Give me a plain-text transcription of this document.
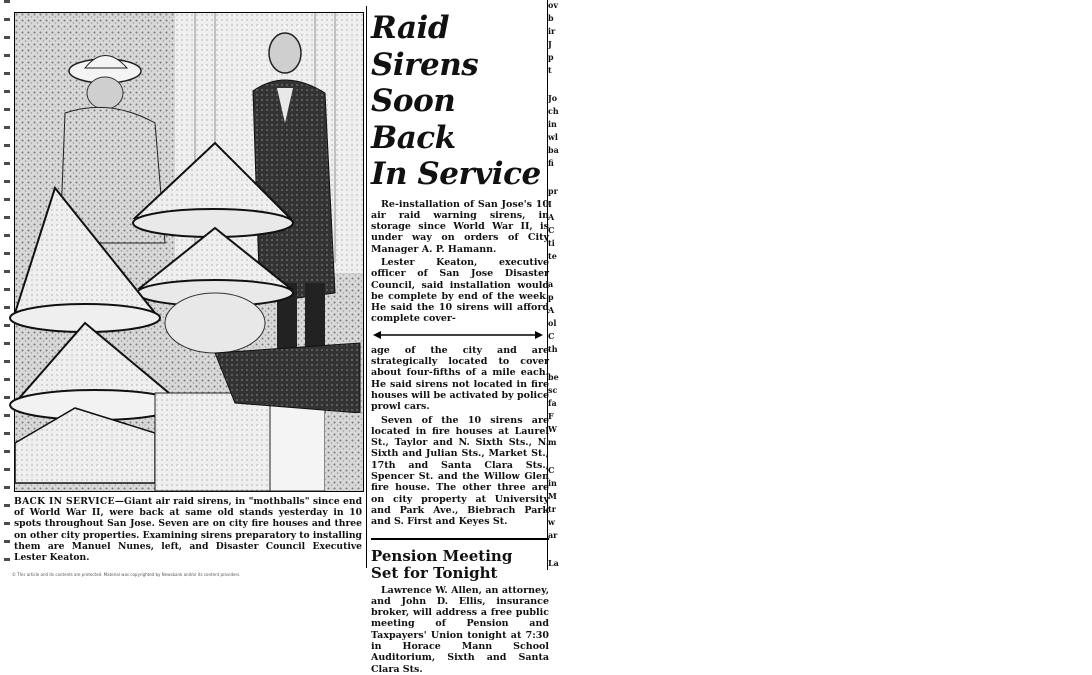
BACK IN SERVICE—Giant air raid sirens, in "mothballs" since end of World War II, were back at same old stands yesterday in 10 spots throughout San Jose. Seven are on city fire houses and three on other city properties. Examining sirens preparatory to installing them are Manuel Nunes, left, and Disaster Council Executive Lester Keaton.

Raid Sirens
Soon Back
In Service

Re-installation of San Jose's 10 air raid warning sirens, in storage since World War II, is under way on orders of City Manager A. P. Hamann.

Lester Keaton, executive officer of San Jose Disaster Council, said installation would be complete by end of the week. He said the 10 sirens will afford complete cover-

age of the city and are strategically located to cover about four-fifths of a mile each. He said sirens not located in fire houses will be activated by police prowl cars.

Seven of the 10 sirens are located in fire houses at Laurel St., Taylor and N. Sixth Sts., N. Sixth and Julian Sts., Market St., 17th and Santa Clara Sts., Spencer St. and the Willow Glen fire house. The other three are on city property at University and Park Ave., Biebrach Park and S. First and Keyes St.

Pension Meeting
Set for Tonight

Lawrence W. Allen, an attorney, and John D. Ellis, insurance broker, will address a free public meeting of Pension and Taxpayers' Union tonight at 7:30 in Horace Mann School Auditorium, Sixth and Santa Clara Sts.

ov
b
ir
J
p
t
Jo
ch
in
wl
ba
fi
pr
I
A
C
ti
te
a
p
A
ol
C
th
be
sc
fa
F
W
m
C
in
M
tr
w
ar
La
© This article and its contents are protected. Material was copyrighted by Newsbank and/or its content providers.
